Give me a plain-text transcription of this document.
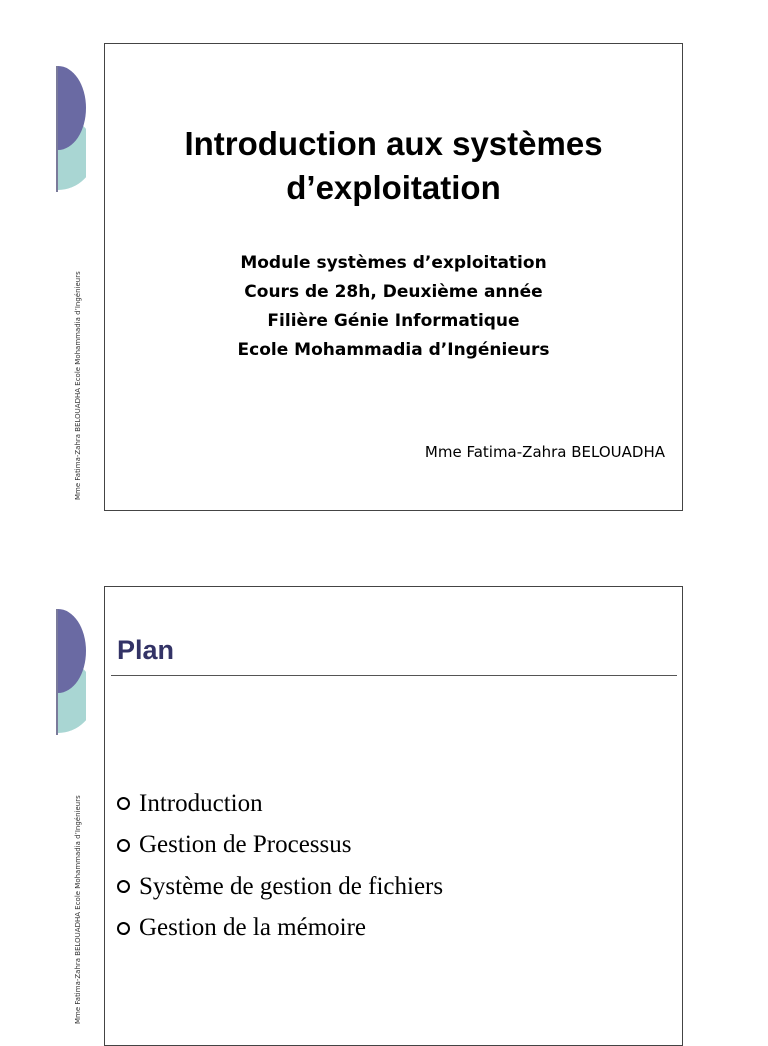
Mme Fatima-Zahra BELOUADHA Ecole Mohammadia d’Ingénieurs
Introduction aux systèmes
d’exploitation
Module systèmes d’exploitation
Cours de 28h, Deuxième année
Filière Génie Informatique
Ecole Mohammadia d’Ingénieurs
Mme Fatima-Zahra BELOUADHA
Mme Fatima-Zahra BELOUADHA Ecole Mohammadia d’Ingénieurs
Plan
Introduction
Gestion de Processus
Système de gestion de fichiers
Gestion de la mémoire
